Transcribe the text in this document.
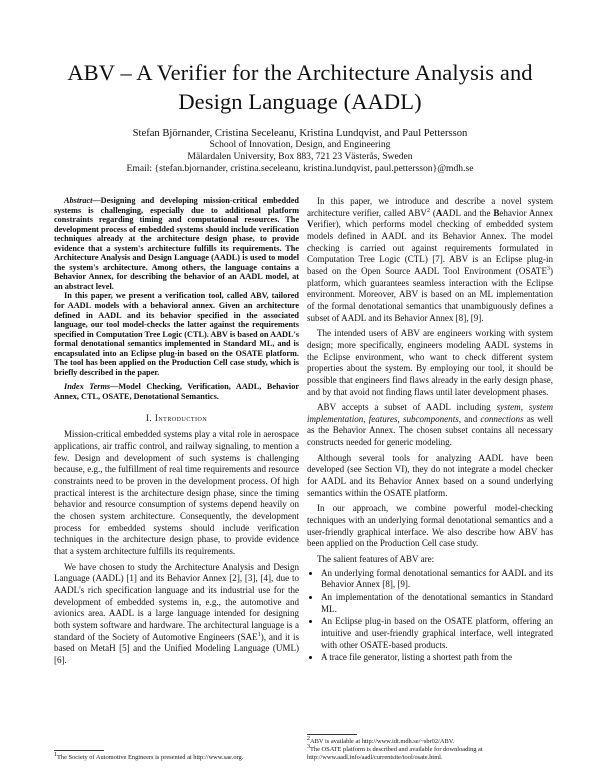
ABV – A Verifier for the Architecture Analysis and Design Language (AADL)
Stefan Björnander, Cristina Seceleanu, Kristina Lundqvist, and Paul Pettersson
School of Innovation, Design, and Engineering
Mälardalen University, Box 883, 721 23 Västerås, Sweden
Email: {stefan.bjornander, cristina.seceleanu, kristina.lundqvist, paul.pettersson}@mdh.se

Abstract—Designing and developing mission-critical embedded systems is challenging, especially due to additional platform constraints regarding timing and computational resources. The development process of embedded systems should include verification techniques already at the architecture design phase, to provide evidence that a system's architecture fulfills its requirements. The Architecture Analysis and Design Language (AADL) is used to model the system's architecture. Among others, the language contains a Behavior Annex, for describing the behavior of an AADL model, at an abstract level.

In this paper, we present a verification tool, called ABV, tailored for AADL models with a behavioral annex. Given an architecture defined in AADL and its behavior specified in the associated language, our tool model-checks the latter against the requirements specified in Computation Tree Logic (CTL). ABV is based on AADL's formal denotational semantics implemented in Standard ML, and is encapsulated into an Eclipse plug-in based on the OSATE platform. The tool has been applied on the Production Cell case study, which is briefly described in the paper.

Index Terms—Model Checking, Verification, AADL, Behavior Annex, CTL, OSATE, Denotational Semantics.

I. Introduction

Mission-critical embedded systems play a vital role in aerospace applications, air traffic control, and railway signaling, to mention a few. Design and development of such systems is challenging because, e.g., the fulfillment of real time requirements and resource constraints need to be proven in the development process. Of high practical interest is the architecture design phase, since the timing behavior and resource consumption of systems depend heavily on the chosen system architecture. Consequently, the development process for embedded systems should include verification techniques in the architecture design phase, to provide evidence that a system architecture fulfills its requirements.

We have chosen to study the Architecture Analysis and Design Language (AADL) [1] and its Behavior Annex [2], [3], [4], due to AADL's rich specification language and its industrial use for the development of embedded systems in, e.g., the automotive and avionics area. AADL is a large language intended for designing both system software and hardware. The architectural language is a standard of the Society of Automotive Engineers (SAE$^1$), and it is based on MetaH [5] and the Unified Modeling Language (UML) [6].

$^1$The Society of Automotive Engineers is presented at http://www.sae.org.

In this paper, we introduce and describe a novel system architecture verifier, called ABV$^2$ (AADL and the Behavior Annex Verifier), which performs model checking of embedded system models defined in AADL and its Behavior Annex. The model checking is carried out against requirements formulated in Computation Tree Logic (CTL) [7]. ABV is an Eclipse plug-in based on the Open Source AADL Tool Environment (OSATE$^3$) platform, which guarantees seamless interaction with the Eclipse environment. Moreover, ABV is based on an ML implementation of the formal denotational semantics that unambiguously defines a subset of AADL and its Behavior Annex [8], [9].

The intended users of ABV are engineers working with system design; more specifically, engineers modeling AADL systems in the Eclipse environment, who want to check different system properties about the system. By employing our tool, it should be possible that engineers find flaws already in the early design phase, and by that avoid not finding flaws until later development phases.

ABV accepts a subset of AADL including system, system implementation, features, subcomponents, and connections as well as the Behavior Annex. The chosen subset contains all necessary constructs needed for generic modeling.

Although several tools for analyzing AADL have been developed (see Section VI), they do not integrate a model checker for AADL and its Behavior Annex based on a sound underlying semantics within the OSATE platform.

In our approach, we combine powerful model-checking techniques with an underlying formal denotational semantics and a user-friendly graphical interface. We also describe how ABV has been applied on the Production Cell case study.

The salient features of ABV are:

• An underlying formal denotational semantics for AADL and its Behavior Annex [8], [9].
• An implementation of the denotational semantics in Standard ML.
• An Eclipse plug-in based on the OSATE platform, offering an intuitive and user-friendly graphical interface, well integrated with other OSATE-based products.
• A trace file generator, listing a shortest path from the
$^2$ABV is available at http://www.idt.mdh.se/~sbr02/ABV.
$^3$The OSATE platform is described and available for downloading at http://www.aadl.info/aadl/currentsite/tool/osate.html.
